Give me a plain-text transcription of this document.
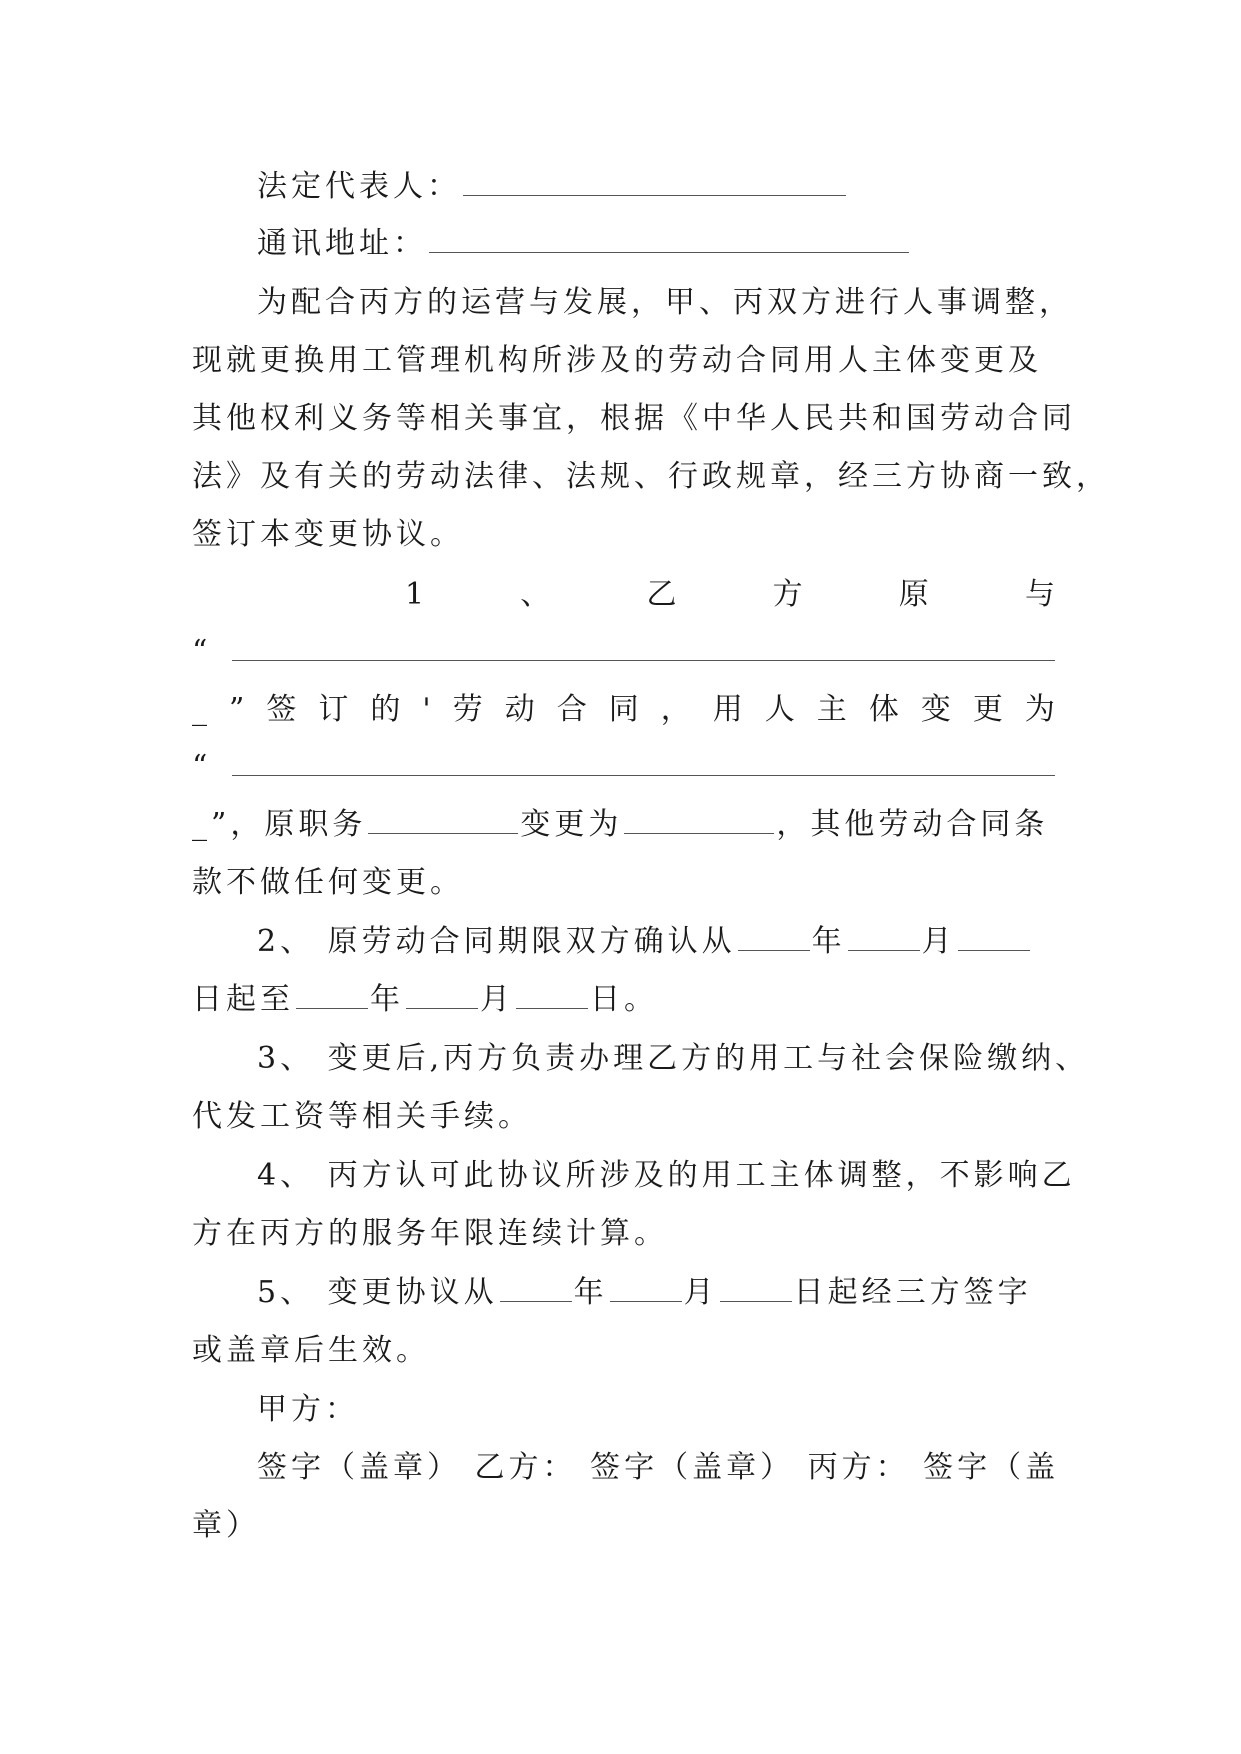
法定代表人：
通讯地址：
为配合丙方的运营与发展，甲、丙双方进行人事调整，
现就更换用工管理机构所涉及的劳动合同用人主体变更及
其他权利义务等相关事宜，根据《中华人民共和国劳动合同
法》及有关的劳动法律、法规、行政规章，经三方协商一致，
签订本变更协议。
1	、	乙	方	原	与
“
_ ” 签 订 的 ' 劳 动 合 同 ， 用 人 主 体 变 更 为
“
_”，原职务	变更为	，其他劳动合同条
款不做任何变更。
2、 原劳动合同期限双方确认从	年	月
日起至	年	月	日。
3、 变更后,丙方负责办理乙方的用工与社会保险缴纳、
代发工资等相关手续。
4、 丙方认可此协议所涉及的用工主体调整，不影响乙
方在丙方的服务年限连续计算。
5、 变更协议从	年	月	日起经三方签字
或盖章后生效。
甲方：
签字（盖章） 乙方： 签字（盖章） 丙方： 签字（盖
章）
